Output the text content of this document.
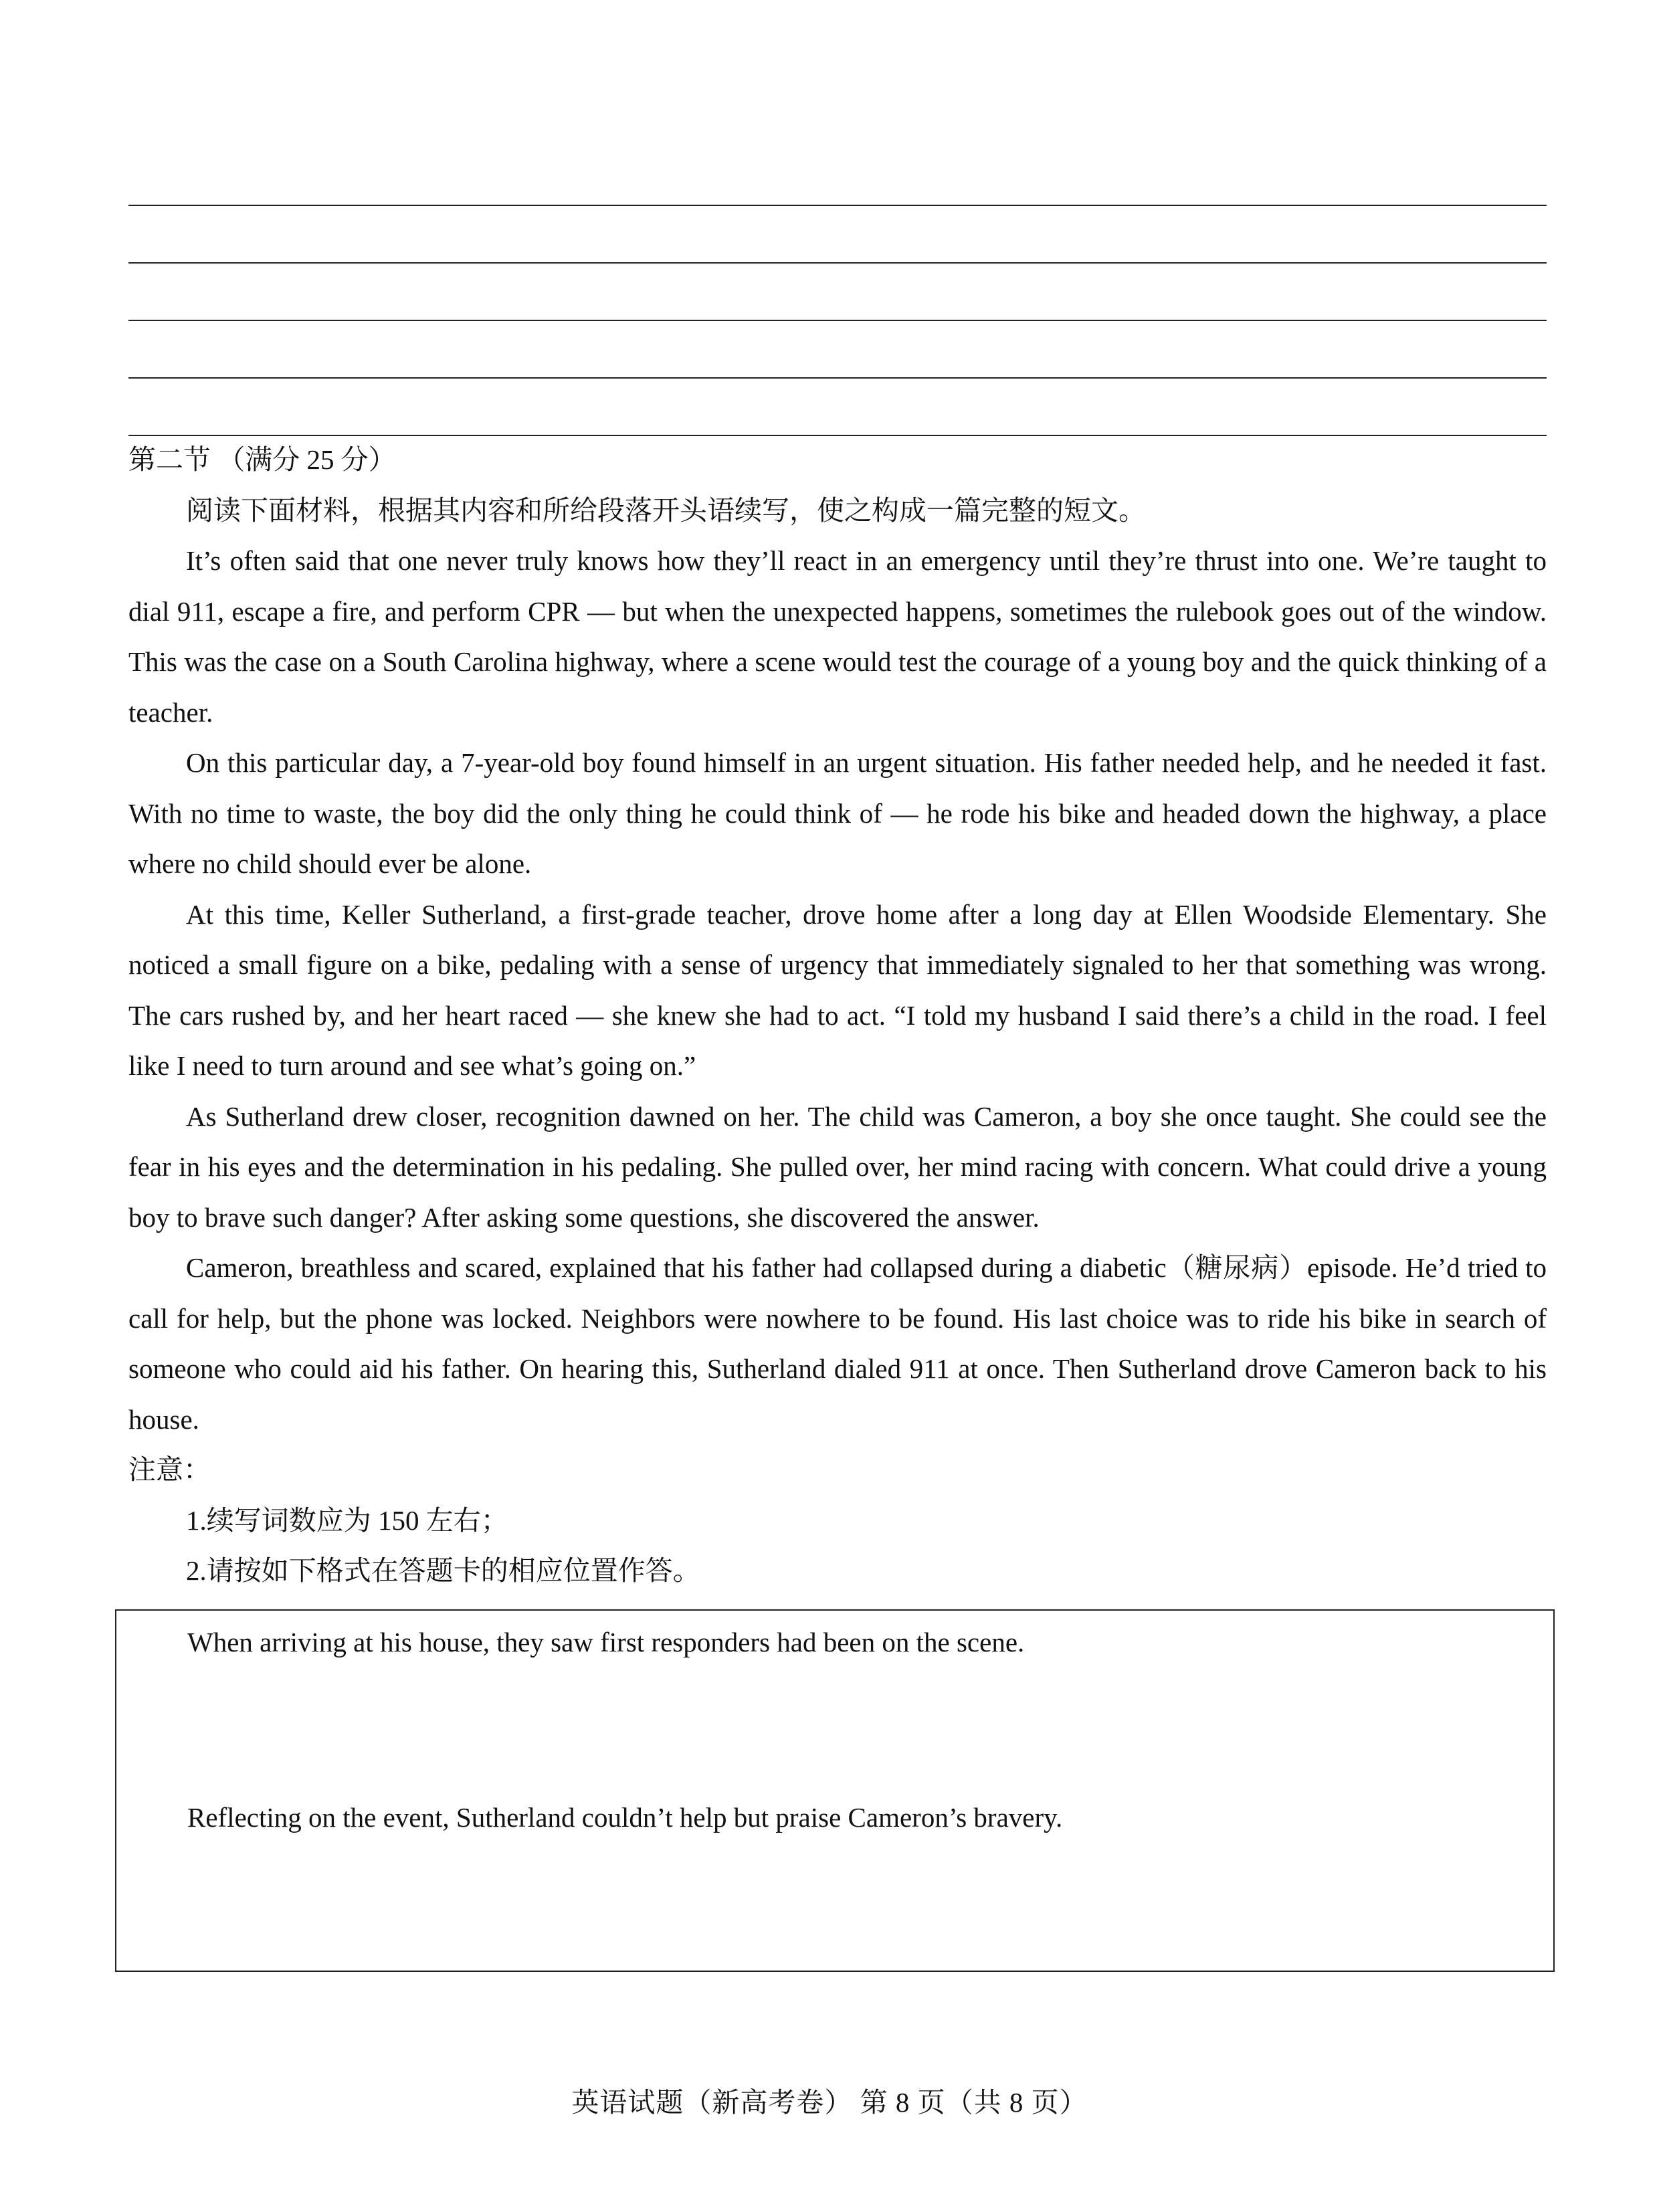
第二节 （满分 25 分）

阅读下面材料，根据其内容和所给段落开头语续写，使之构成一篇完整的短文。

It’s often said that one never truly knows how they’ll react in an emergency until they’re thrust into one. We’re taught to dial 911, escape a fire, and perform CPR — but when the unexpected happens, sometimes the rulebook goes out of the window. This was the case on a South Carolina highway, where a scene would test the courage of a young boy and the quick thinking of a teacher.

On this particular day, a 7-year-old boy found himself in an urgent situation. His father needed help, and he needed it fast. With no time to waste, the boy did the only thing he could think of — he rode his bike and headed down the highway, a place where no child should ever be alone.

At this time, Keller Sutherland, a first-grade teacher, drove home after a long day at Ellen Woodside Elementary. She noticed a small figure on a bike, pedaling with a sense of urgency that immediately signaled to her that something was wrong. The cars rushed by, and her heart raced — she knew she had to act. “I told my husband I said there’s a child in the road. I feel like I need to turn around and see what’s going on.”

As Sutherland drew closer, recognition dawned on her. The child was Cameron, a boy she once taught. She could see the fear in his eyes and the determination in his pedaling. She pulled over, her mind racing with concern. What could drive a young boy to brave such danger? After asking some questions, she discovered the answer.

Cameron, breathless and scared, explained that his father had collapsed during a diabetic（糖尿病）episode. He’d tried to call for help, but the phone was locked. Neighbors were nowhere to be found. His last choice was to ride his bike in search of someone who could aid his father. On hearing this, Sutherland dialed 911 at once. Then Sutherland drove Cameron back to his house.

注意：

1.续写词数应为 150 左右；

2.请按如下格式在答题卡的相应位置作答。

When arriving at his house, they saw first responders had been on the scene.

Reflecting on the event, Sutherland couldn’t help but praise Cameron’s bravery.

英语试题（新高考卷） 第 8 页（共 8 页）
